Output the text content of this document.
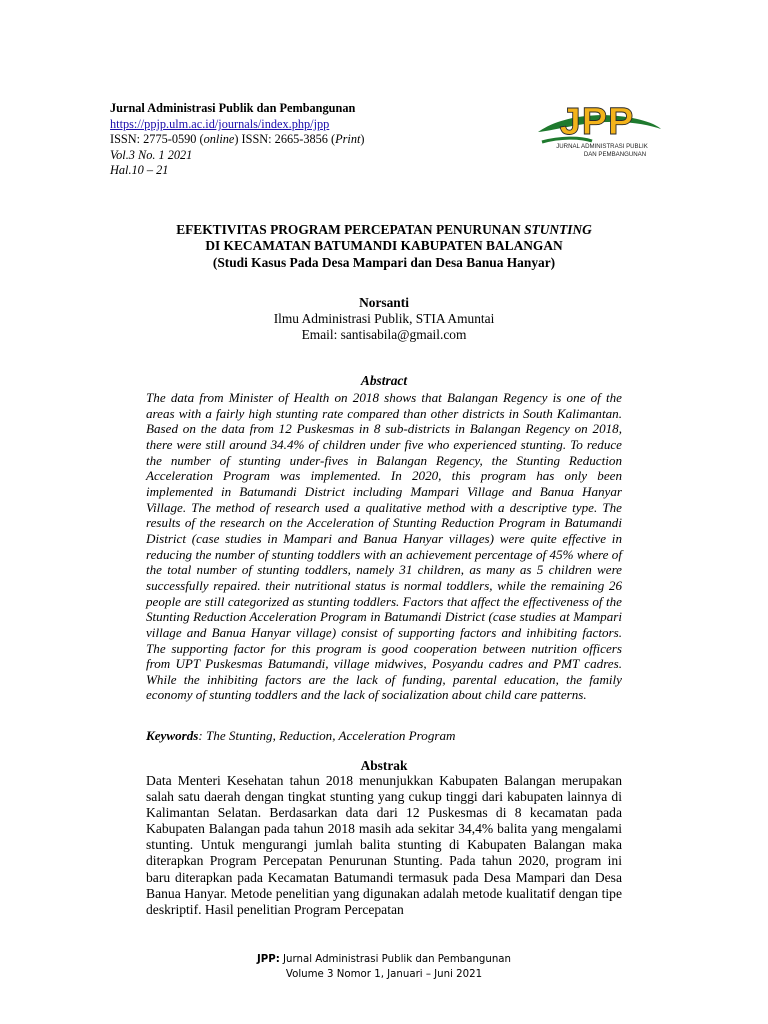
Jurnal Administrasi Publik dan Pembangunan
https://ppjp.ulm.ac.id/journals/index.php/jpp
ISSN: 2775-0590 (online) ISSN: 2665-3856 (Print)
Vol.3 No. 1 2021
Hal.10 – 21
JPP
JURNAL ADMINISTRASI PUBLIK
DAN PEMBANGUNAN
EFEKTIVITAS PROGRAM PERCEPATAN PENURUNAN STUNTING
DI KECAMATAN BATUMANDI KABUPATEN BALANGAN
(Studi Kasus Pada Desa Mampari dan Desa Banua Hanyar)
Norsanti
Ilmu Administrasi Publik, STIA Amuntai
Email: santisabila@gmail.com
Abstract
The data from Minister of Health on 2018 shows that Balangan Regency is one of the areas with a fairly high stunting rate compared than other districts in South Kalimantan. Based on the data from 12 Puskesmas in 8 sub-districts in Balangan Regency on 2018, there were still around 34.4% of children under five who experienced stunting. To reduce the number of stunting under-fives in Balangan Regency, the Stunting Reduction Acceleration Program was implemented. In 2020, this program has only been implemented in Batumandi District including Mampari Village and Banua Hanyar Village. The method of research used a qualitative method with a descriptive type. The results of the research on the Acceleration of Stunting Reduction Program in Batumandi District (case studies in Mampari and Banua Hanyar villages) were quite effective in reducing the number of stunting toddlers with an achievement percentage of 45% where of the total number of stunting toddlers, namely 31 children, as many as 5 children were successfully repaired. their nutritional status is normal toddlers, while the remaining 26 people are still categorized as stunting toddlers. Factors that affect the effectiveness of the Stunting Reduction Acceleration Program in Batumandi District (case studies at Mampari village and Banua Hanyar village) consist of supporting factors and inhibiting factors. The supporting factor for this program is good cooperation between nutrition officers from UPT Puskesmas Batumandi, village midwives, Posyandu cadres and PMT cadres. While the inhibiting factors are the lack of funding, parental education, the family economy of stunting toddlers and the lack of socialization about child care patterns.
Keywords: The Stunting, Reduction, Acceleration Program
Abstrak
Data Menteri Kesehatan tahun 2018 menunjukkan Kabupaten Balangan merupakan salah satu daerah dengan tingkat stunting yang cukup tinggi dari kabupaten lainnya di Kalimantan Selatan. Berdasarkan data dari 12 Puskesmas di 8 kecamatan pada Kabupaten Balangan pada tahun 2018 masih ada sekitar 34,4% balita yang mengalami stunting. Untuk mengurangi jumlah balita stunting di Kabupaten Balangan maka diterapkan Program Percepatan Penurunan Stunting. Pada tahun 2020, program ini baru diterapkan pada Kecamatan Batumandi termasuk pada Desa Mampari dan Desa Banua Hanyar. Metode penelitian yang digunakan adalah metode kualitatif dengan tipe deskriptif. Hasil penelitian Program Percepatan
JPP: Jurnal Administrasi Publik dan Pembangunan
Volume 3 Nomor 1, Januari – Juni 2021
